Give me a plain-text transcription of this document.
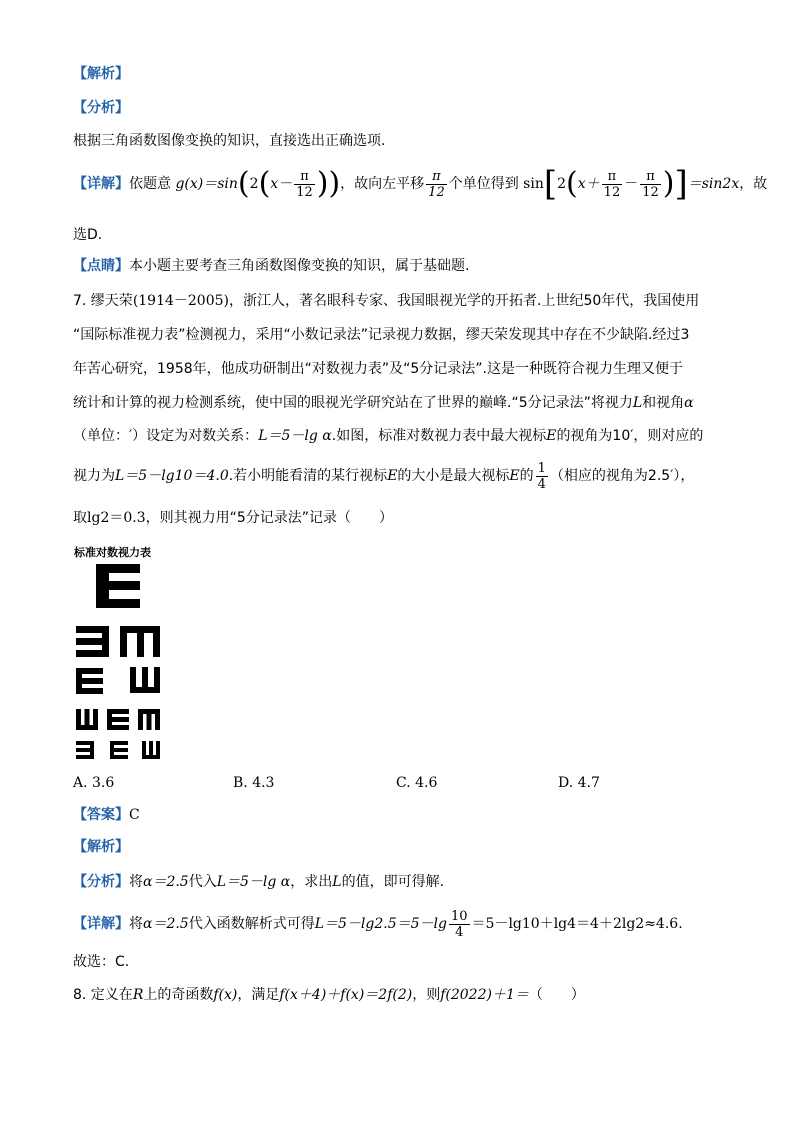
【解析】
【分析】
根据三角函数图像变换的知识，直接选出正确选项.
【详解】依题意 $g(x)=\sin(2(x- \frac{\pi}{12}$ ))，故向左平移 $\frac{\pi}{12}$ 个单位得到 $\sin[2(x+ \frac{\pi}{12} - \frac{\pi}{12} )]=\sin 2x$，故
选D.
【点睛】本小题主要考查三角函数图像变换的知识，属于基础题.
7. 缪天荣(1914－2005)，浙江人，著名眼科专家、我国眼视光学的开拓者.上世纪50年代，我国使用
“国际标准视力表”检测视力，采用“小数记录法”记录视力数据，缪天荣发现其中存在不少缺陷.经过3
年苦心研究，1958年，他成功研制出“对数视力表”及“5分记录法”.这是一种既符合视力生理又便于
统计和计算的视力检测系统，使中国的眼视光学研究站在了世界的巅峰.“5分记录法”将视力L和视角α
（单位：′）设定为对数关系：L＝5－lg α.如图，标准对数视力表中最大视标E的视角为10′，则对应的
视力为L＝5－lg10＝4.0.若小明能看清的某行视标E的大小是最大视标E的 $\frac{1}{4}$ （相应的视角为2.5′），
取lg2＝0.3，则其视力用“5分记录法”记录（　　）
标准对数视力表
A. 3.6	B. 4.3	C. 4.6	D. 4.7
【答案】C
【解析】
【分析】将α＝2.5代入L＝5－lg α，求出L的值，即可得解.
【详解】将α＝2.5代入函数解析式可得$L=5-\lg 2.5=5-\lg \frac{10}{4} =5-\lg 10+\lg 4=4+2\lg 2\approx 4.6$.
故选：C.
8. 定义在R上的奇函数f(x)，满足f(x＋4)＋f(x)＝2f(2)，则f(2022)＋1＝（　　）
